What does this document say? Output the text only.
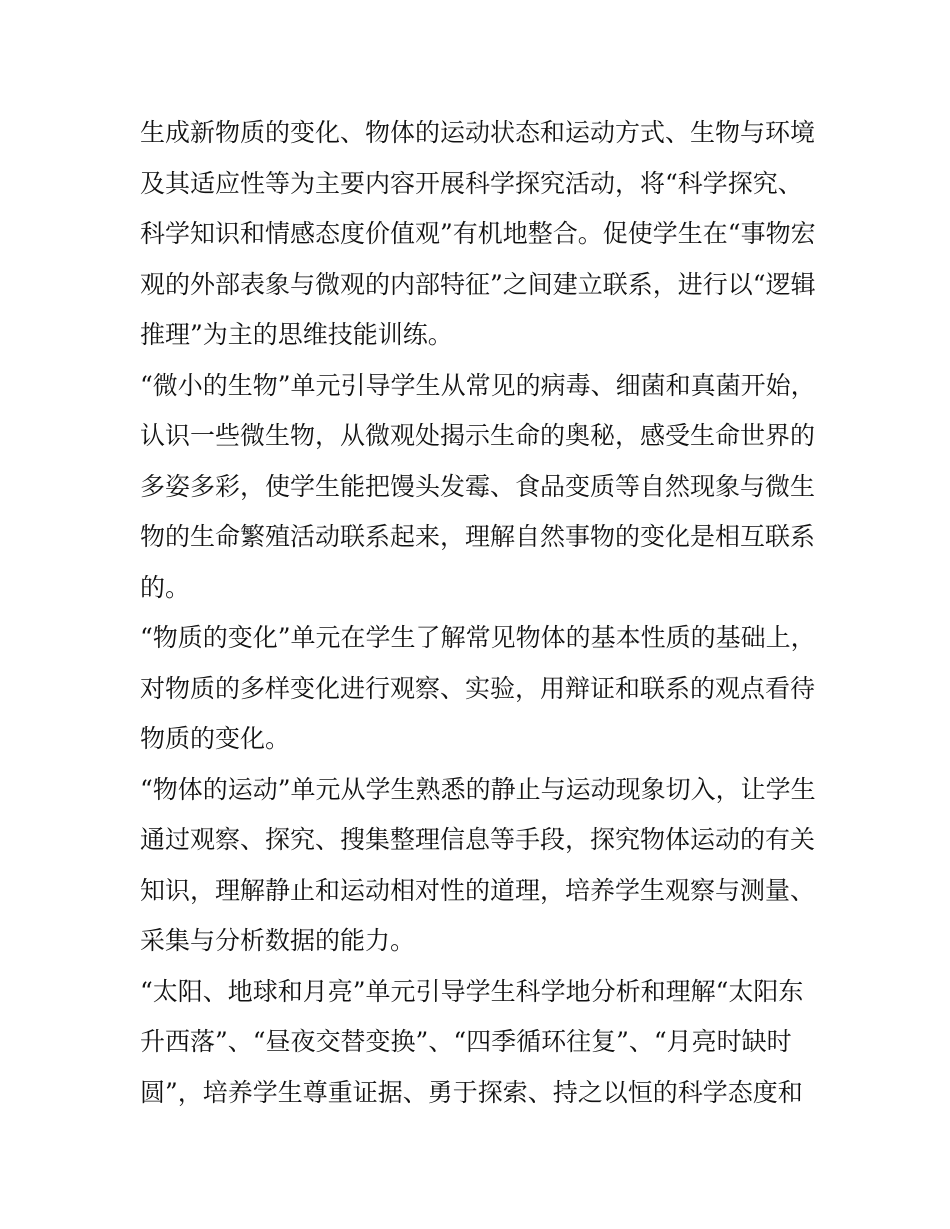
生成新物质的变化、物体的运动状态和运动方式、生物与环境
及其适应性等为主要内容开展科学探究活动，将“科学探究、
科学知识和情感态度价值观”有机地整合。促使学生在“事物宏
观的外部表象与微观的内部特征”之间建立联系，进行以“逻辑
推理”为主的思维技能训练。
“微小的生物”单元引导学生从常见的病毒、细菌和真菌开始，
认识一些微生物，从微观处揭示生命的奥秘，感受生命世界的
多姿多彩，使学生能把馒头发霉、食品变质等自然现象与微生
物的生命繁殖活动联系起来，理解自然事物的变化是相互联系
的。
“物质的变化”单元在学生了解常见物体的基本性质的基础上，
对物质的多样变化进行观察、实验，用辩证和联系的观点看待
物质的变化。
“物体的运动”单元从学生熟悉的静止与运动现象切入，让学生
通过观察、探究、搜集整理信息等手段，探究物体运动的有关
知识，理解静止和运动相对性的道理，培养学生观察与测量、
采集与分析数据的能力。
“太阳、地球和月亮”单元引导学生科学地分析和理解“太阳东
升西落”、“昼夜交替变换”、“四季循环往复”、“月亮时缺时
圆”，培养学生尊重证据、勇于探索、持之以恒的科学态度和
